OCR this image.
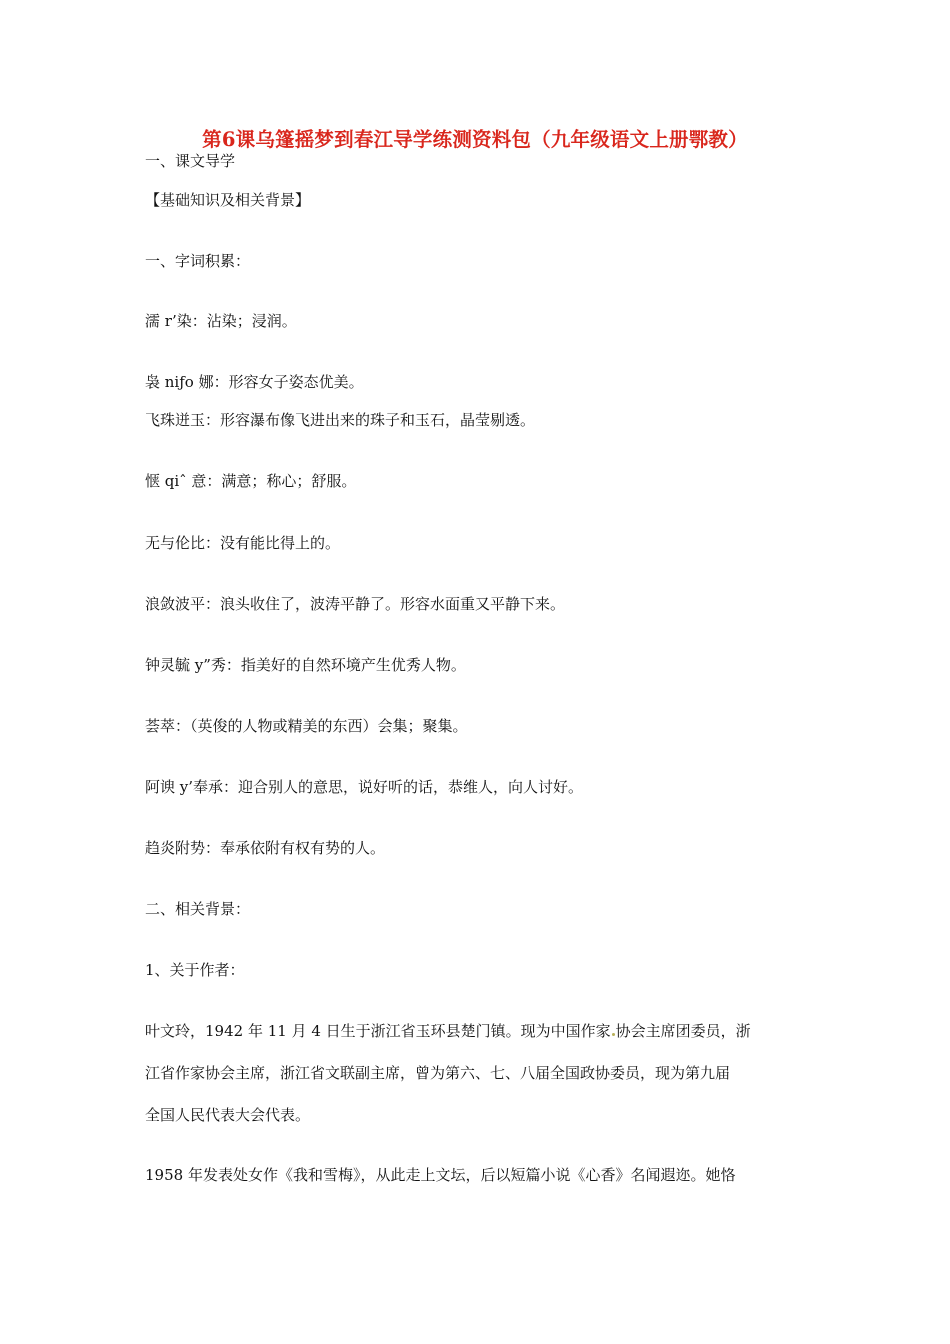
第6课乌篷摇梦到春江导学练测资料包（九年级语文上册鄂教）
一、课文导学
【基础知识及相关背景】
一、字词积累：
濡 r’染：沾染；浸润。
袅 niƒo 娜：形容女子姿态优美。
飞珠迸玉：形容瀑布像飞进出来的珠子和玉石，晶莹剔透。
惬 qiˆ 意：满意；称心；舒服。
无与伦比：没有能比得上的。
浪敛波平：浪头收住了，波涛平静了。形容水面重又平静下来。
钟灵毓 y”秀：指美好的自然环境产生优秀人物。
荟萃：（英俊的人物或精美的东西）会集；聚集。
阿谀 y’奉承：迎合别人的意思，说好听的话，恭维人，向人讨好。
趋炎附势：奉承依附有权有势的人。
二、相关背景：
1、关于作者：
叶文玲，1942 年 11 月 4 日生于浙江省玉环县楚门镇。现为中国作家 协会主席团委员，浙
江省作家协会主席，浙江省文联副主席，曾为第六、七、八届全国政协委员，现为第九届
全国人民代表大会代表。
1958 年发表处女作《我和雪梅》，从此走上文坛，后以短篇小说《心香》名闻遐迩。她恪
